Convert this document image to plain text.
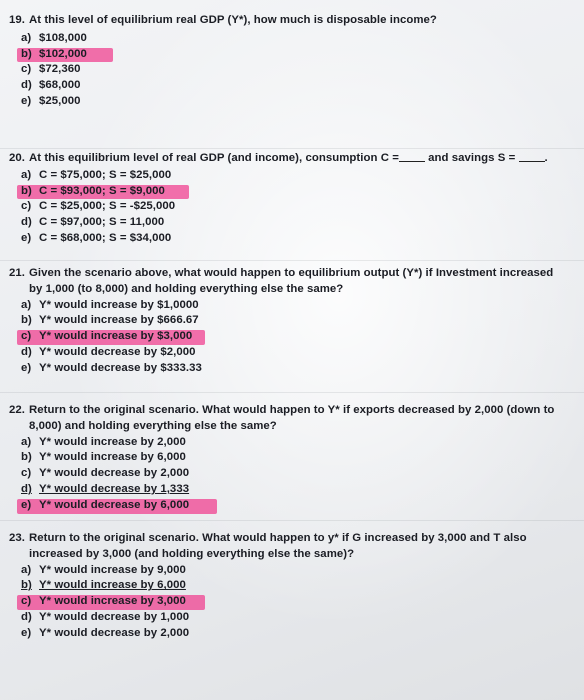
19. At this level of equilibrium real GDP (Y*), how much is disposable income?
a) $108,000
b) $102,000
c) $72,360
d) $68,000
e) $25,000
20. At this equilibrium level of real GDP (and income), consumption C =	and savings S =	.
a) C = $75,000; S = $25,000
b) C = $93,000; S = $9,000
c) C = $25,000; S = -$25,000
d) C = $97,000; S = 11,000
e) C = $68,000; S = $34,000
21. Given the scenario above, what would happen to equilibrium output (Y*) if Investment increased by 1,000 (to 8,000) and holding everything else the same?
a) Y* would increase by $1,0000
b) Y* would increase by $666.67
c) Y* would increase by $3,000
d) Y* would decrease by $2,000
e) Y* would decrease by $333.33
22. Return to the original scenario. What would happen to Y* if exports decreased by 2,000 (down to 8,000) and holding everything else the same?
a) Y* would increase by 2,000
b) Y* would increase by 6,000
c) Y* would decrease by 2,000
d) Y* would decrease by 1,333
e) Y* would decrease by 6,000
23. Return to the original scenario. What would happen to y* if G increased by 3,000 and T also increased by 3,000 (and holding everything else the same)?
a) Y* would increase by 9,000
b) Y* would increase by 6,000
c) Y* would increase by 3,000
d) Y* would decrease by 1,000
e) Y* would decrease by 2,000
